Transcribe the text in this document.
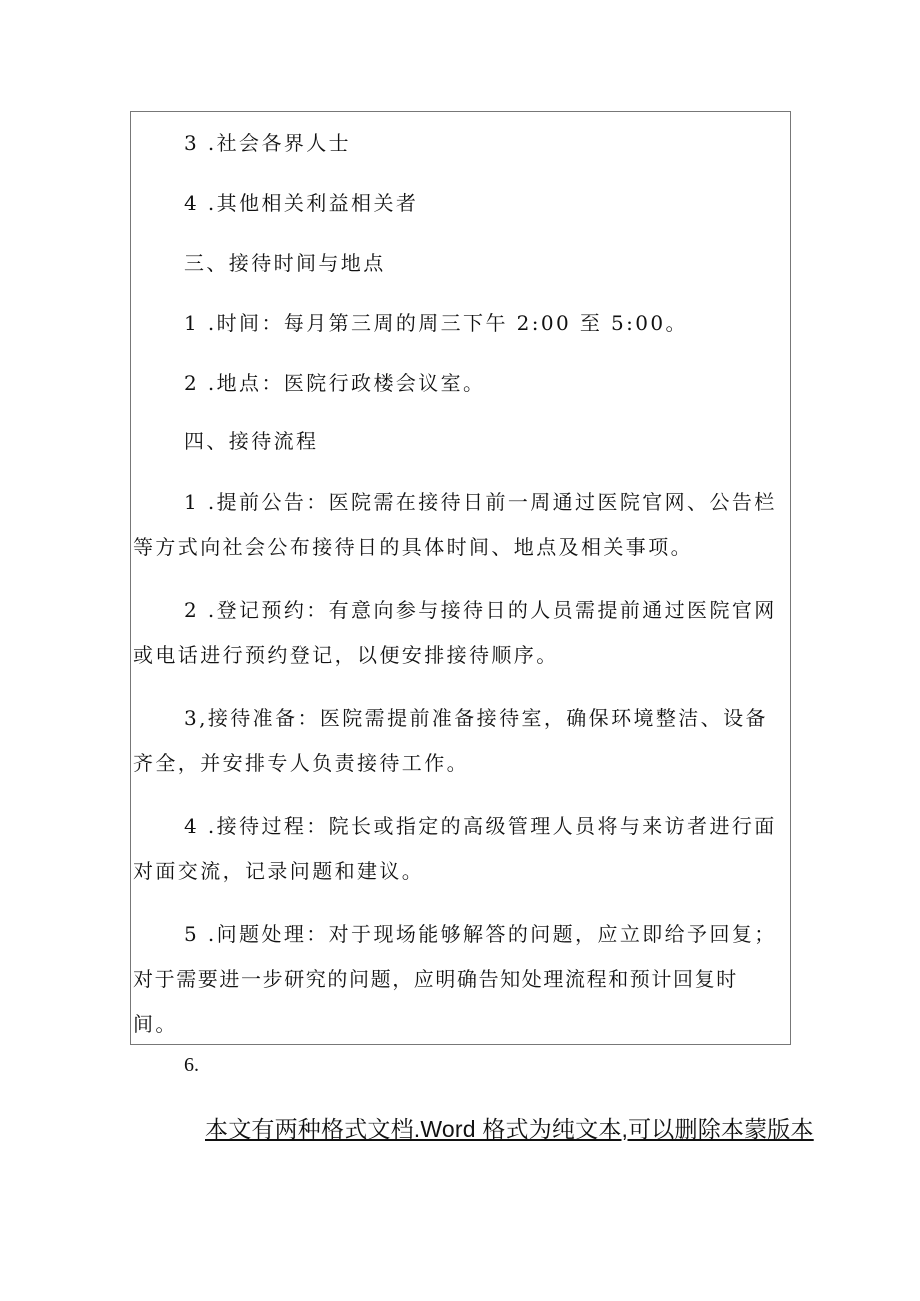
3 .社会各界人士
4 .其他相关利益相关者
三、接待时间与地点
1 .时间：每月第三周的周三下午 2:00 至 5:00。
2 .地点：医院行政楼会议室。
四、接待流程
1 .提前公告：医院需在接待日前一周通过医院官网、公告栏
等方式向社会公布接待日的具体时间、地点及相关事项。
2 .登记预约：有意向参与接待日的人员需提前通过医院官网
或电话进行预约登记，以便安排接待顺序。
3,接待准备：医院需提前准备接待室，确保环境整洁、设备
齐全，并安排专人负责接待工作。
4 .接待过程：院长或指定的高级管理人员将与来访者进行面
对面交流，记录问题和建议。
5 .问题处理：对于现场能够解答的问题，应立即给予回复；
对于需要进一步研究的问题，应明确告知处理流程和预计回复时
间。
6.
本文有两种格式文档.Word 格式为纯文本,可以删除本蒙版本
